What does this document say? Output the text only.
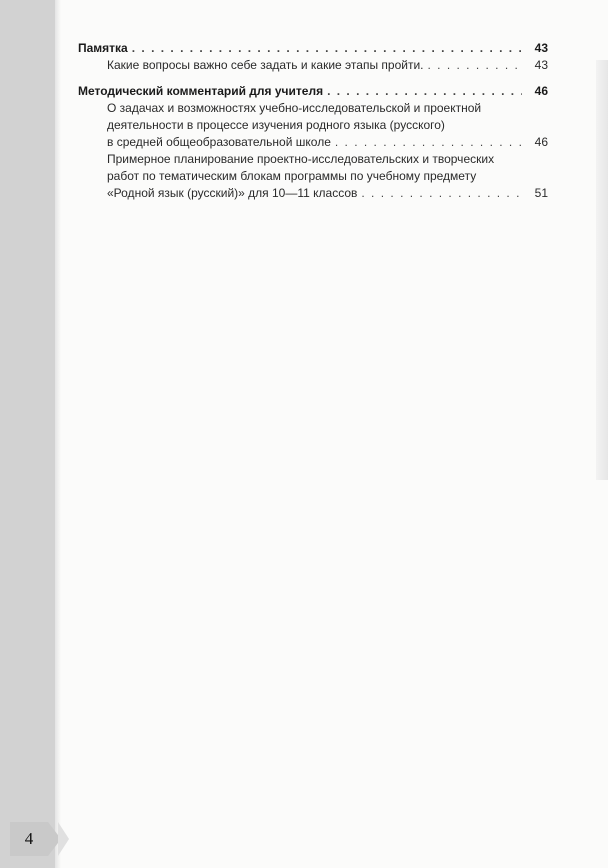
Памятка . . .	43
Какие вопросы важно себе задать и какие этапы пройти. . . .	43
Методический комментарий для учителя . . .	46
О задачах и возможностях учебно-исследовательской и проектной
деятельности в процессе изучения родного языка (русского)
в средней общеобразовательной школе . . .	46
Примерное планирование проектно-исследовательских и творческих
работ по тематическим блокам программы по учебному предмету
«Родной язык (русский)» для 10—11 классов . . .	51
4
